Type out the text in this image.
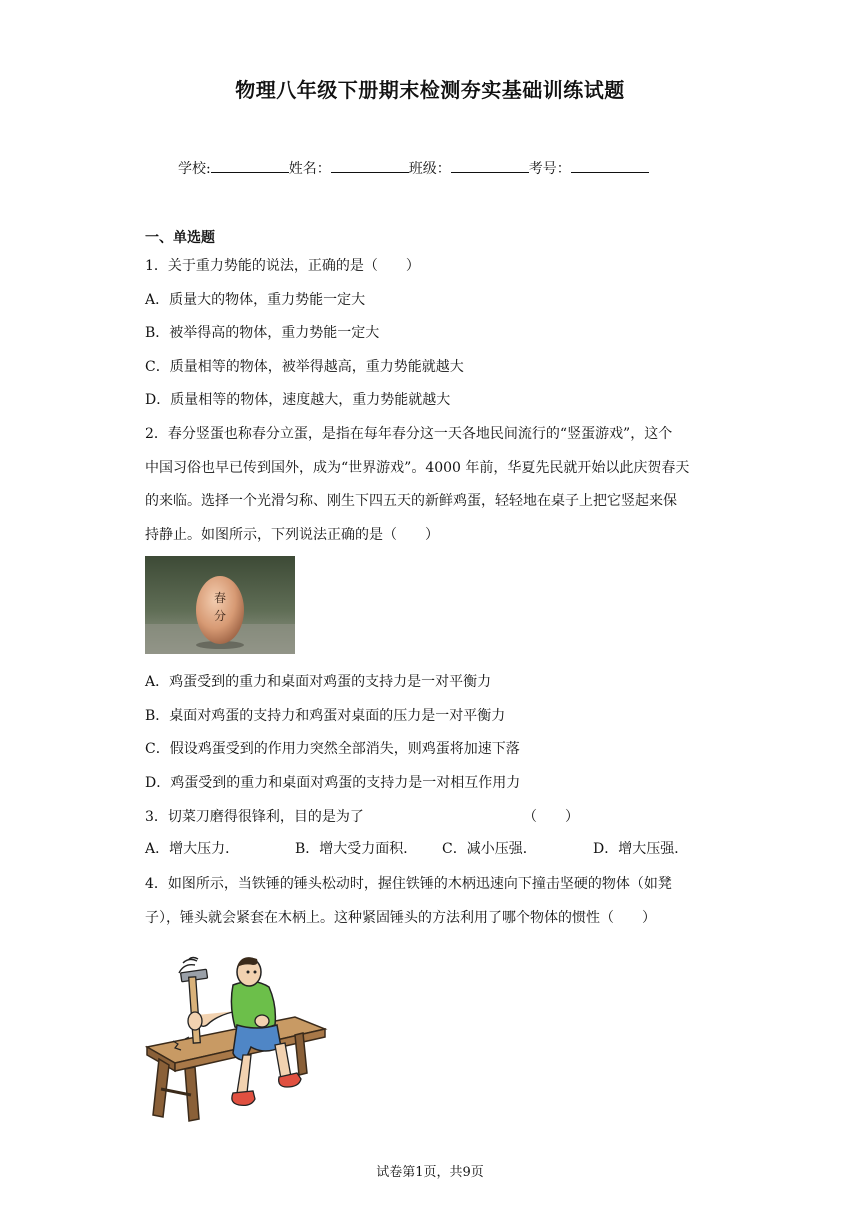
物理八年级下册期末检测夯实基础训练试题
学校:	姓名：	班级：	考号：
一、单选题
1．关于重力势能的说法，正确的是（　　）
A．质量大的物体，重力势能一定大
B．被举得高的物体，重力势能一定大
C．质量相等的物体，被举得越高，重力势能就越大
D．质量相等的物体，速度越大，重力势能就越大
2．春分竖蛋也称春分立蛋，是指在每年春分这一天各地民间流行的“竖蛋游戏”，这个
中国习俗也早已传到国外，成为“世界游戏”。4000 年前，华夏先民就开始以此庆贺春天
的来临。选择一个光滑匀称、刚生下四五天的新鲜鸡蛋，轻轻地在桌子上把它竖起来保
持静止。如图所示，下列说法正确的是（　　）
春
分
A．鸡蛋受到的重力和桌面对鸡蛋的支持力是一对平衡力
B．桌面对鸡蛋的支持力和鸡蛋对桌面的压力是一对平衡力
C．假设鸡蛋受到的作用力突然全部消失，则鸡蛋将加速下落
D．鸡蛋受到的重力和桌面对鸡蛋的支持力是一对相互作用力
3．切菜刀磨得很锋利，目的是为了	（　　）
A．增大压力．	B．增大受力面积． C．减小压强．	D．增大压强．
4．如图所示，当铁锤的锤头松动时，握住铁锤的木柄迅速向下撞击坚硬的物体（如凳
子），锤头就会紧套在木柄上。这种紧固锤头的方法利用了哪个物体的惯性（　　）
试卷第1页，共9页
